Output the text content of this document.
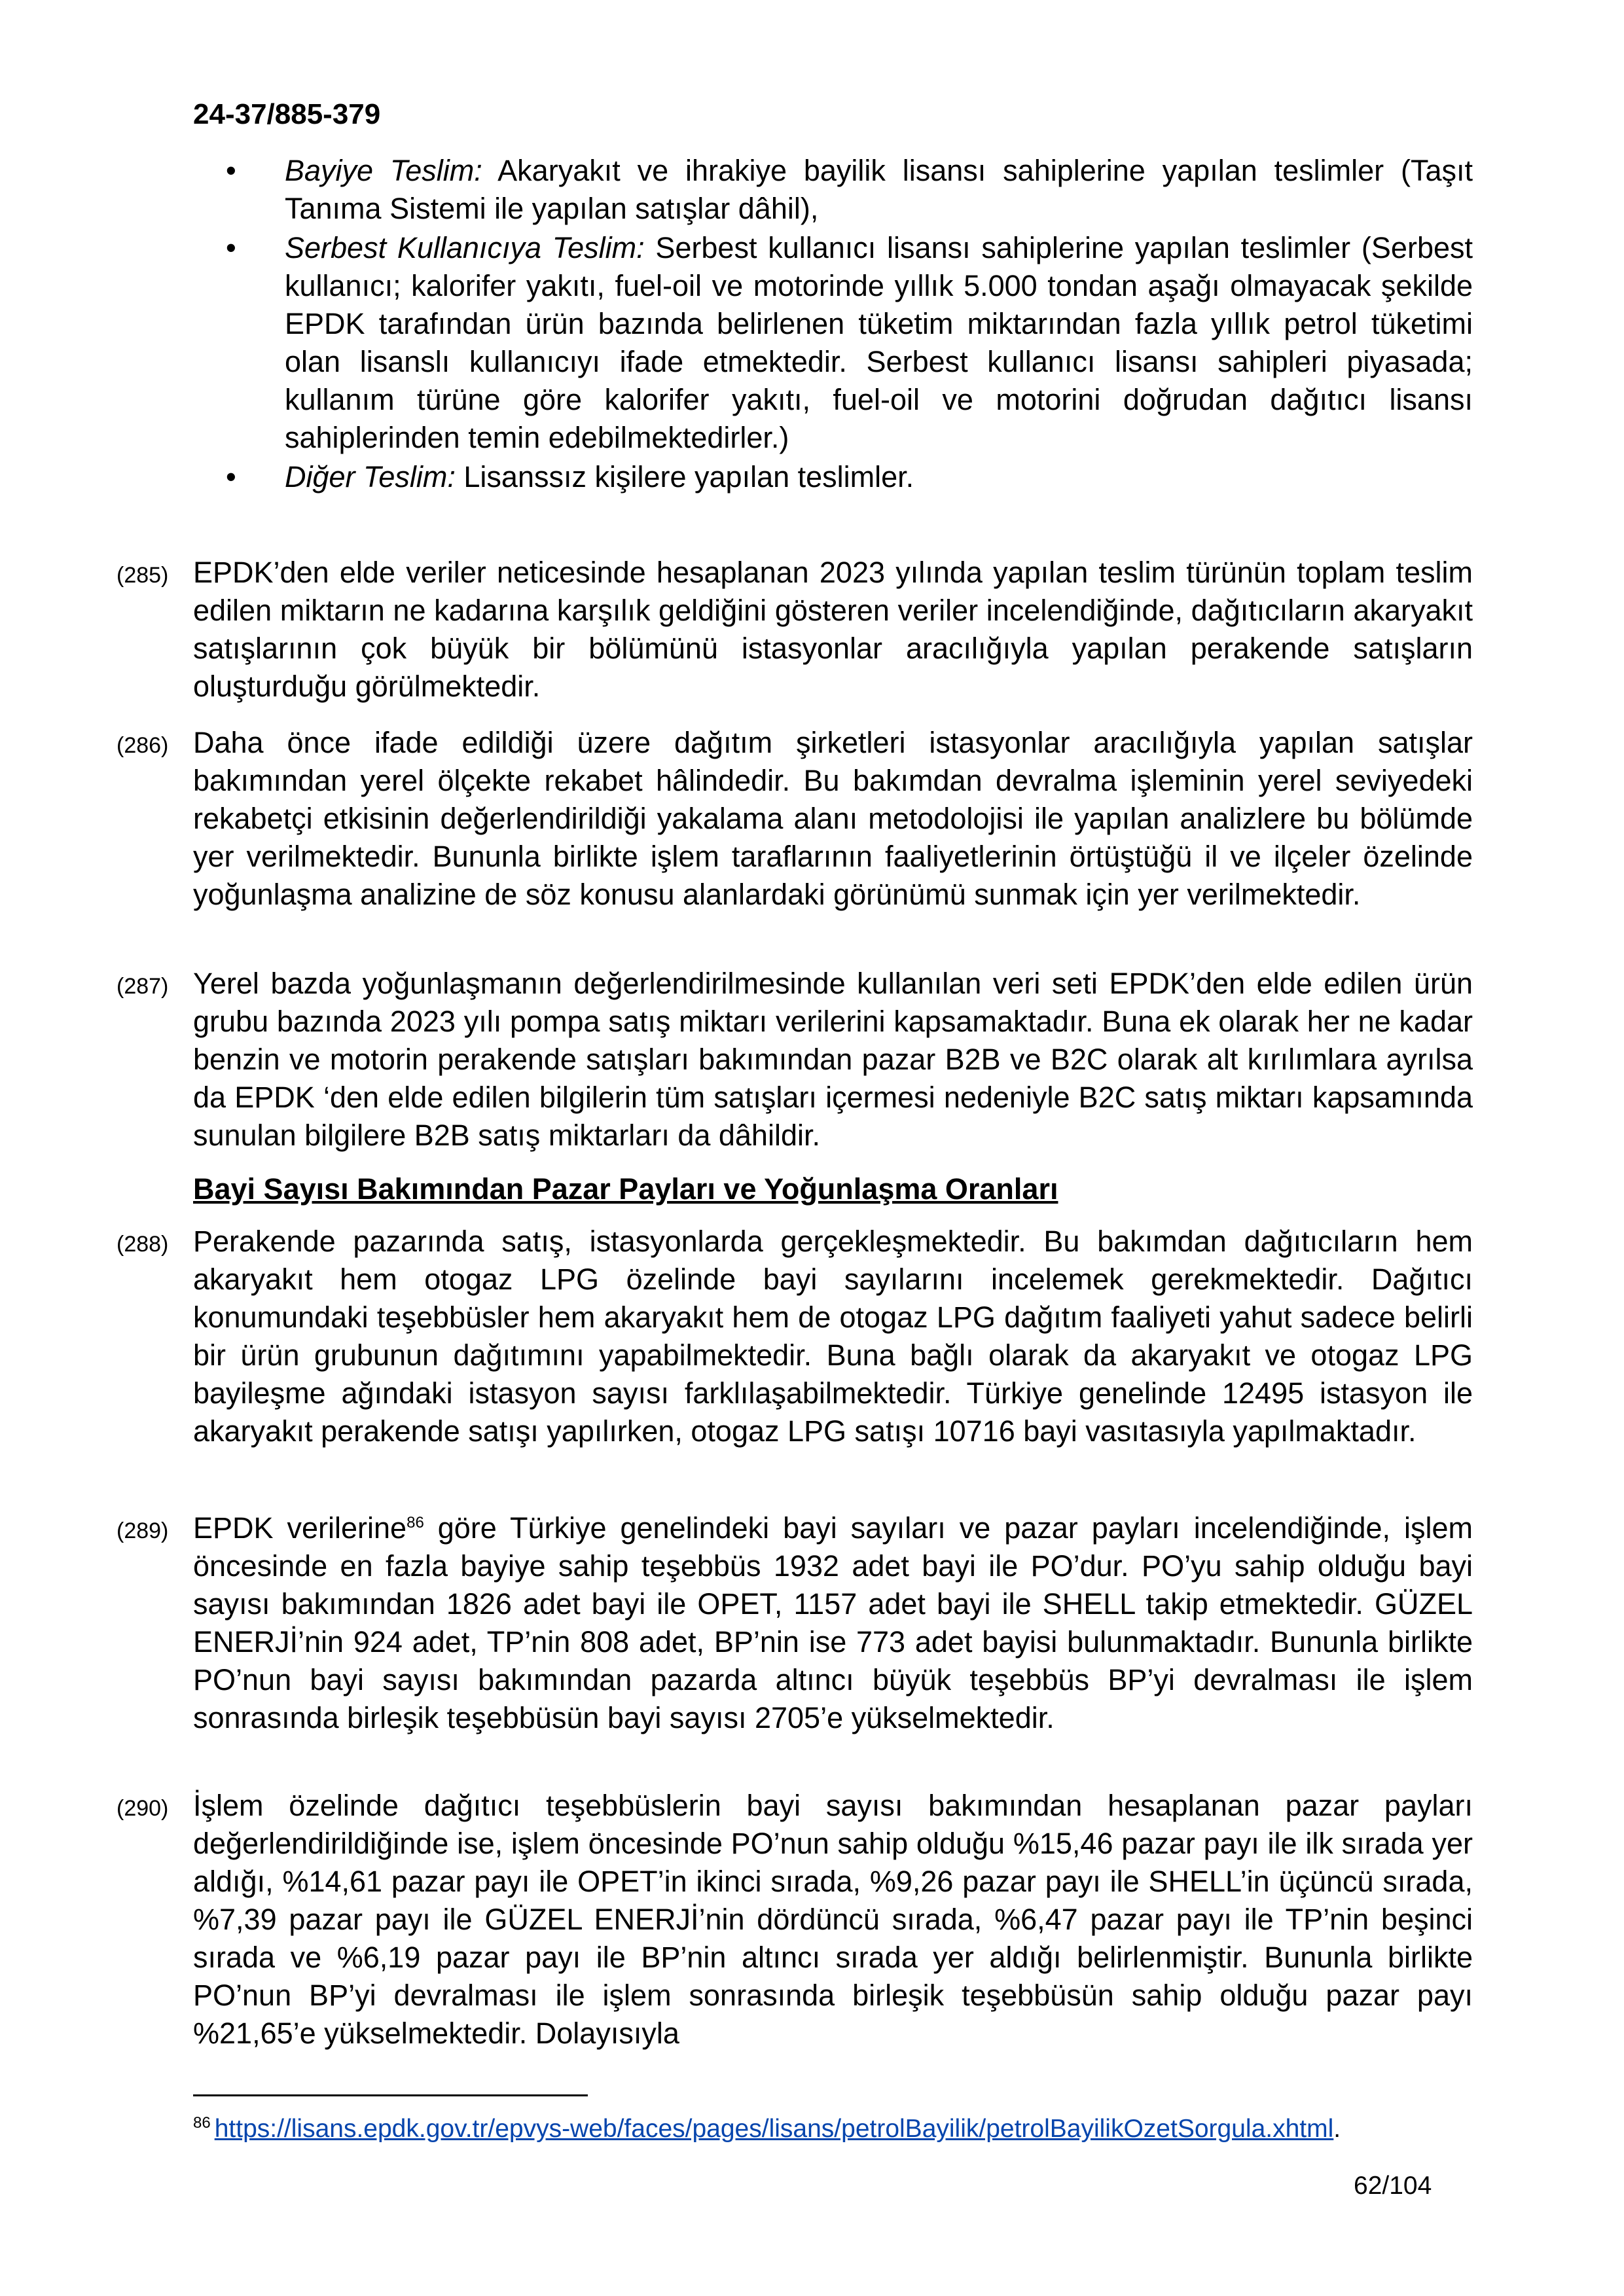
24-37/885-379
• Bayiye Teslim: Akaryakıt ve ihrakiye bayilik lisansı sahiplerine yapılan teslimler (Taşıt Tanıma Sistemi ile yapılan satışlar dâhil),
• Serbest Kullanıcıya Teslim: Serbest kullanıcı lisansı sahiplerine yapılan teslimler (Serbest kullanıcı; kalorifer yakıtı, fuel-oil ve motorinde yıllık 5.000 tondan aşağı olmayacak şekilde EPDK tarafından ürün bazında belirlenen tüketim miktarından fazla yıllık petrol tüketimi olan lisanslı kullanıcıyı ifade etmektedir. Serbest kullanıcı lisansı sahipleri piyasada; kullanım türüne göre kalorifer yakıtı, fuel-oil ve motorini doğrudan dağıtıcı lisansı sahiplerinden temin edebilmektedirler.)
• Diğer Teslim: Lisanssız kişilere yapılan teslimler.
(285) EPDK’den elde veriler neticesinde hesaplanan 2023 yılında yapılan teslim türünün toplam teslim edilen miktarın ne kadarına karşılık geldiğini gösteren veriler incelendiğinde, dağıtıcıların akaryakıt satışlarının çok büyük bir bölümünü istasyonlar aracılığıyla yapılan perakende satışların oluşturduğu görülmektedir.
(286) Daha önce ifade edildiği üzere dağıtım şirketleri istasyonlar aracılığıyla yapılan satışlar bakımından yerel ölçekte rekabet hâlindedir. Bu bakımdan devralma işleminin yerel seviyedeki rekabetçi etkisinin değerlendirildiği yakalama alanı metodolojisi ile yapılan analizlere bu bölümde yer verilmektedir. Bununla birlikte işlem taraflarının faaliyetlerinin örtüştüğü il ve ilçeler özelinde yoğunlaşma analizine de söz konusu alanlardaki görünümü sunmak için yer verilmektedir.
(287) Yerel bazda yoğunlaşmanın değerlendirilmesinde kullanılan veri seti EPDK’den elde edilen ürün grubu bazında 2023 yılı pompa satış miktarı verilerini kapsamaktadır. Buna ek olarak her ne kadar benzin ve motorin perakende satışları bakımından pazar B2B ve B2C olarak alt kırılımlara ayrılsa da EPDK ‘den elde edilen bilgilerin tüm satışları içermesi nedeniyle B2C satış miktarı kapsamında sunulan bilgilere B2B satış miktarları da dâhildir.
Bayi Sayısı Bakımından Pazar Payları ve Yoğunlaşma Oranları
(288) Perakende pazarında satış, istasyonlarda gerçekleşmektedir. Bu bakımdan dağıtıcıların hem akaryakıt hem otogaz LPG özelinde bayi sayılarını incelemek gerekmektedir. Dağıtıcı konumundaki teşebbüsler hem akaryakıt hem de otogaz LPG dağıtım faaliyeti yahut sadece belirli bir ürün grubunun dağıtımını yapabilmektedir. Buna bağlı olarak da akaryakıt ve otogaz LPG bayileşme ağındaki istasyon sayısı farklılaşabilmektedir. Türkiye genelinde 12495 istasyon ile akaryakıt perakende satışı yapılırken, otogaz LPG satışı 10716 bayi vasıtasıyla yapılmaktadır.
(289) EPDK verilerine$^{86}$ göre Türkiye genelindeki bayi sayıları ve pazar payları incelendiğinde, işlem öncesinde en fazla bayiye sahip teşebbüs 1932 adet bayi ile PO’dur. PO’yu sahip olduğu bayi sayısı bakımından 1826 adet bayi ile OPET, 1157 adet bayi ile SHELL takip etmektedir. GÜZEL ENERJİ’nin 924 adet, TP’nin 808 adet, BP’nin ise 773 adet bayisi bulunmaktadır. Bununla birlikte PO’nun bayi sayısı bakımından pazarda altıncı büyük teşebbüs BP’yi devralması ile işlem sonrasında birleşik teşebbüsün bayi sayısı 2705’e yükselmektedir.
(290) İşlem özelinde dağıtıcı teşebbüslerin bayi sayısı bakımından hesaplanan pazar payları değerlendirildiğinde ise, işlem öncesinde PO’nun sahip olduğu %15,46 pazar payı ile ilk sırada yer aldığı, %14,61 pazar payı ile OPET’in ikinci sırada, %9,26 pazar payı ile SHELL’in üçüncü sırada, %7,39 pazar payı ile GÜZEL ENERJİ’nin dördüncü sırada, %6,47 pazar payı ile TP’nin beşinci sırada ve %6,19 pazar payı ile BP’nin altıncı sırada yer aldığı belirlenmiştir. Bununla birlikte PO’nun BP’yi devralması ile işlem sonrasında birleşik teşebbüsün sahip olduğu pazar payı %21,65’e yükselmektedir. Dolayısıyla
$^{86}$ https://lisans.epdk.gov.tr/epvys-web/faces/pages/lisans/petrolBayilik/petrolBayilikOzetSorgula.xhtml.
62/104
